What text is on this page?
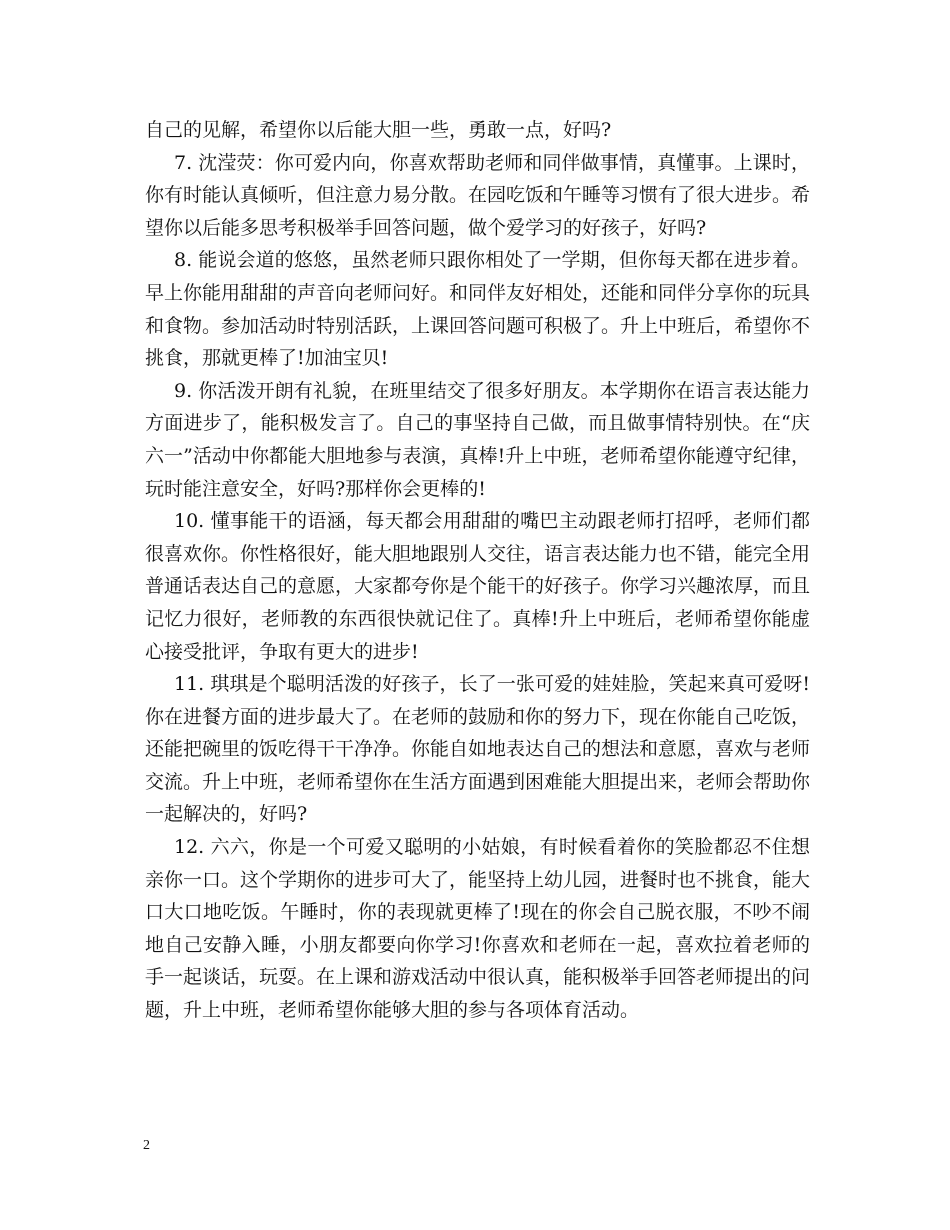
自己的见解，希望你以后能大胆一些，勇敢一点，好吗?

7. 沈滢荧：你可爱内向，你喜欢帮助老师和同伴做事情，真懂事。上课时，你有时能认真倾听，但注意力易分散。在园吃饭和午睡等习惯有了很大进步。希望你以后能多思考积极举手回答问题，做个爱学习的好孩子，好吗?

8. 能说会道的悠悠，虽然老师只跟你相处了一学期，但你每天都在进步着。早上你能用甜甜的声音向老师问好。和同伴友好相处，还能和同伴分享你的玩具和食物。参加活动时特别活跃，上课回答问题可积极了。升上中班后，希望你不挑食，那就更棒了!加油宝贝!

9. 你活泼开朗有礼貌，在班里结交了很多好朋友。本学期你在语言表达能力方面进步了，能积极发言了。自己的事坚持自己做，而且做事情特别快。在“庆六一”活动中你都能大胆地参与表演，真棒!升上中班，老师希望你能遵守纪律，玩时能注意安全，好吗?那样你会更棒的!

10. 懂事能干的语涵，每天都会用甜甜的嘴巴主动跟老师打招呼，老师们都很喜欢你。你性格很好，能大胆地跟别人交往，语言表达能力也不错，能完全用普通话表达自己的意愿，大家都夸你是个能干的好孩子。你学习兴趣浓厚，而且记忆力很好，老师教的东西很快就记住了。真棒!升上中班后，老师希望你能虚心接受批评，争取有更大的进步!

11. 琪琪是个聪明活泼的好孩子，长了一张可爱的娃娃脸，笑起来真可爱呀!你在进餐方面的进步最大了。在老师的鼓励和你的努力下，现在你能自己吃饭，还能把碗里的饭吃得干干净净。你能自如地表达自己的想法和意愿，喜欢与老师交流。升上中班，老师希望你在生活方面遇到困难能大胆提出来，老师会帮助你一起解决的，好吗?

12. 六六，你是一个可爱又聪明的小姑娘，有时候看着你的笑脸都忍不住想亲你一口。这个学期你的进步可大了，能坚持上幼儿园，进餐时也不挑食，能大口大口地吃饭。午睡时，你的表现就更棒了!现在的你会自己脱衣服，不吵不闹地自己安静入睡，小朋友都要向你学习!你喜欢和老师在一起，喜欢拉着老师的手一起谈话，玩耍。在上课和游戏活动中很认真，能积极举手回答老师提出的问题，升上中班，老师希望你能够大胆的参与各项体育活动。

2
